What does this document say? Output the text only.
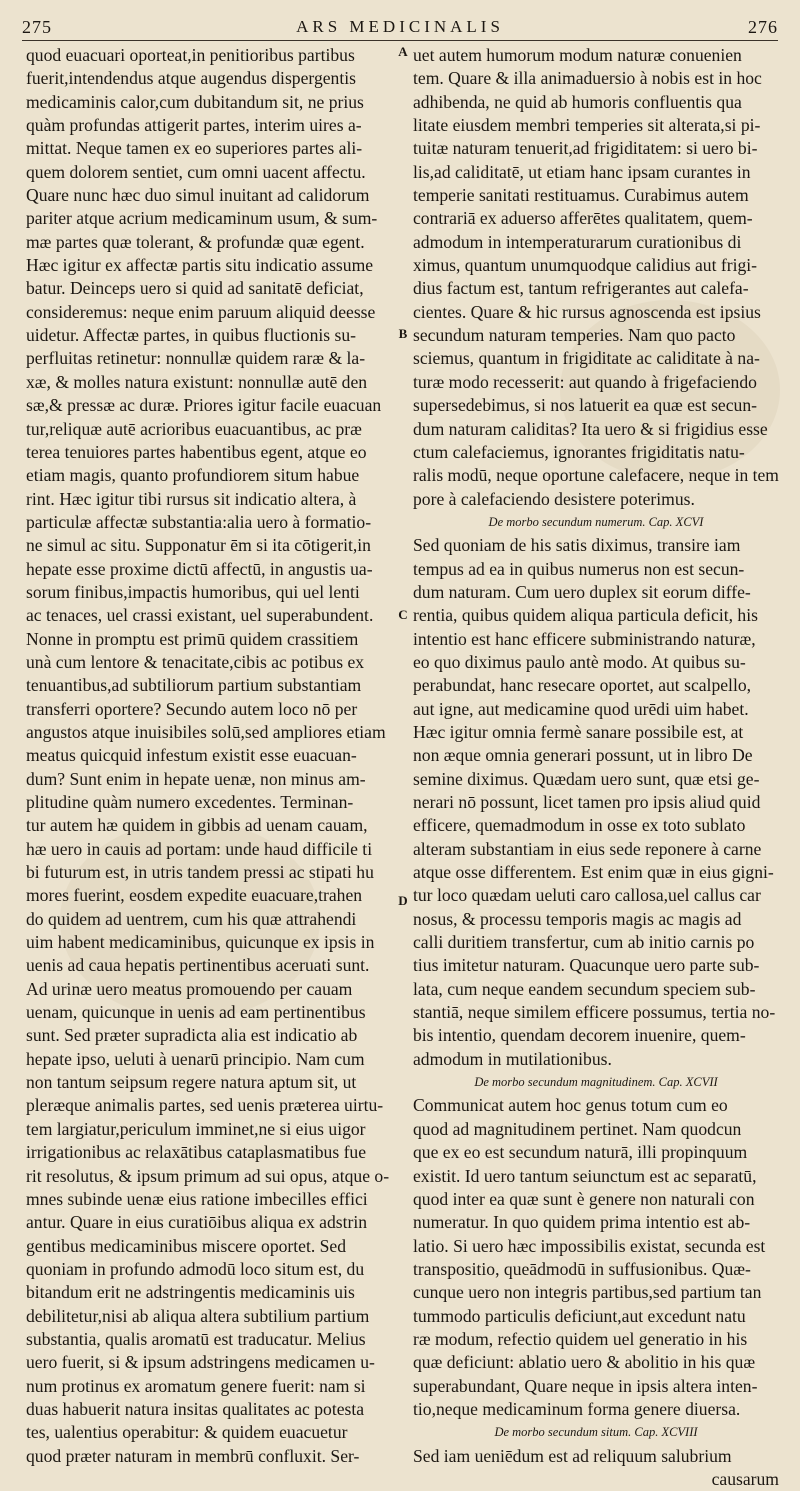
275	ARS MEDICINALIS	276
quod euacuari oporteat,in penitioribus partibus
fuerit,intendendus atque augendus dispergentis
medicaminis calor,cum dubitandum sit, ne prius
quàm profundas attigerit partes, interim uires a-
mittat. Neque tamen ex eo superiores partes ali-
quem dolorem sentiet, cum omni uacent affectu.
Quare nunc hæc duo simul inuitant ad calidorum
pariter atque acrium medicaminum usum, & sum-
mæ partes quæ tolerant, & profundæ quæ egent.
Hæc igitur ex affectæ partis situ indicatio assume
batur. Deinceps uero si quid ad sanitatē deficiat,
consideremus: neque enim paruum aliquid deesse
uidetur. Affectæ partes, in quibus fluctionis su-
perfluitas retinetur: nonnullæ quidem raræ & la-
xæ, & molles natura existunt: nonnullæ autē den
sæ,& pressæ ac duræ. Priores igitur facile euacuan
tur,reliquæ autē acrioribus euacuantibus, ac præ
terea tenuiores partes habentibus egent, atque eo
etiam magis, quanto profundiorem situm habue
rint. Hæc igitur tibi rursus sit indicatio altera, à
particulæ affectæ substantia:alia uero à formatio-
ne simul ac situ. Supponatur ēm si ita cōtigerit,in
hepate esse proxime dictū affectū, in angustis ua-
sorum finibus,impactis humoribus, qui uel lenti
ac tenaces, uel crassi existant, uel superabundent.
Nonne in promptu est primū quidem crassitiem
unà cum lentore & tenacitate,cibis ac potibus ex
tenuantibus,ad subtiliorum partium substantiam
transferri oportere? Secundo autem loco nō per
angustos atque inuisibiles solū,sed ampliores etiam
meatus quicquid infestum existit esse euacuan-
dum? Sunt enim in hepate uenæ, non minus am-
plitudine quàm numero excedentes. Terminan-
tur autem hæ quidem in gibbis ad uenam cauam,
hæ uero in cauis ad portam: unde haud difficile ti
bi futurum est, in utris tandem pressi ac stipati hu
mores fuerint, eosdem expedite euacuare,trahen
do quidem ad uentrem, cum his quæ attrahendi
uim habent medicaminibus, quicunque ex ipsis in
uenis ad caua hepatis pertinentibus aceruati sunt.
Ad urinæ uero meatus promouendo per cauam
uenam, quicunque in uenis ad eam pertinentibus
sunt. Sed præter supradicta alia est indicatio ab
hepate ipso, ueluti à uenarū principio. Nam cum
non tantum seipsum regere natura aptum sit, ut
pleræque animalis partes, sed uenis præterea uirtu-
tem largiatur,periculum imminet,ne si eius uigor
irrigationibus ac relaxātibus cataplasmatibus fue
rit resolutus, & ipsum primum ad sui opus, atque o-
mnes subinde uenæ eius ratione imbecilles effici
antur. Quare in eius curatiōibus aliqua ex adstrin
gentibus medicaminibus miscere oportet. Sed
quoniam in profundo admodū loco situm est, du
bitandum erit ne adstringentis medicaminis uis
debilitetur,nisi ab aliqua altera subtilium partium
substantia, qualis aromatū est traducatur. Melius
uero fuerit, si & ipsum adstringens medicamen u-
num protinus ex aromatum genere fuerit: nam si
duas habuerit natura insitas qualitates ac potesta
tes, ualentius operabitur: & quidem euacuetur
quod præter naturam in membrū confluxit. Ser-
A
B
C
D
uet autem humorum modum naturæ conuenien
tem. Quare & illa animaduersio à nobis est in hoc
adhibenda, ne quid ab humoris confluentis qua
litate eiusdem membri temperies sit alterata,si pi-
tuitæ naturam tenuerit,ad frigiditatem: si uero bi-
lis,ad caliditatē, ut etiam hanc ipsam curantes in
temperie sanitati restituamus. Curabimus autem
contrariā ex aduerso afferētes qualitatem, quem-
admodum in intemperaturarum curationibus di
ximus, quantum unumquodque calidius aut frigi-
dius factum est, tantum refrigerantes aut calefa-
cientes. Quare & hic rursus agnoscenda est ipsius
secundum naturam temperies. Nam quo pacto
sciemus, quantum in frigiditate ac caliditate à na-
turæ modo recesserit: aut quando à frigefaciendo
supersedebimus, si nos latuerit ea quæ est secun-
dum naturam caliditas? Ita uero & si frigidius esse
ctum calefaciemus, ignorantes frigiditatis natu-
ralis modū, neque oportune calefacere, neque in tem
pore à calefaciendo desistere poterimus.
De morbo secundum numerum. Cap. XCVI
Sed quoniam de his satis diximus, transire iam
tempus ad ea in quibus numerus non est secun-
dum naturam. Cum uero duplex sit eorum diffe-
rentia, quibus quidem aliqua particula deficit, his
intentio est hanc efficere subministrando naturæ,
eo quo diximus paulo antè modo. At quibus su-
perabundat, hanc resecare oportet, aut scalpello,
aut igne, aut medicamine quod urēdi uim habet.
Hæc igitur omnia fermè sanare possibile est, at
non æque omnia generari possunt, ut in libro De
semine diximus. Quædam uero sunt, quæ etsi ge-
nerari nō possunt, licet tamen pro ipsis aliud quid
efficere, quemadmodum in osse ex toto sublato
alteram substantiam in eius sede reponere à carne
atque osse differentem. Est enim quæ in eius gigni-
tur loco quædam ueluti caro callosa,uel callus car
nosus, & processu temporis magis ac magis ad
calli duritiem transfertur, cum ab initio carnis po
tius imitetur naturam. Quacunque uero parte sub-
lata, cum neque eandem secundum speciem sub-
stantiā, neque similem efficere possumus, tertia no-
bis intentio, quendam decorem inuenire, quem-
admodum in mutilationibus.
De morbo secundum magnitudinem. Cap. XCVII
Communicat autem hoc genus totum cum eo
quod ad magnitudinem pertinet. Nam quodcun
que ex eo est secundum naturā, illi propinquum
existit. Id uero tantum seiunctum est ac separatū,
quod inter ea quæ sunt è genere non naturali con
numeratur. In quo quidem prima intentio est ab-
latio. Si uero hæc impossibilis existat, secunda est
transpositio, queādmodū in suffusionibus. Quæ-
cunque uero non integris partibus,sed partium tan
tummodo particulis deficiunt,aut excedunt natu
ræ modum, refectio quidem uel generatio in his
quæ deficiunt: ablatio uero & abolitio in his quæ
superabundant, Quare neque in ipsis altera inten-
tio,neque medicaminum forma genere diuersa.
De morbo secundum situm. Cap. XCVIII
Sed iam ueniēdum est ad reliquum salubrium
causarum
